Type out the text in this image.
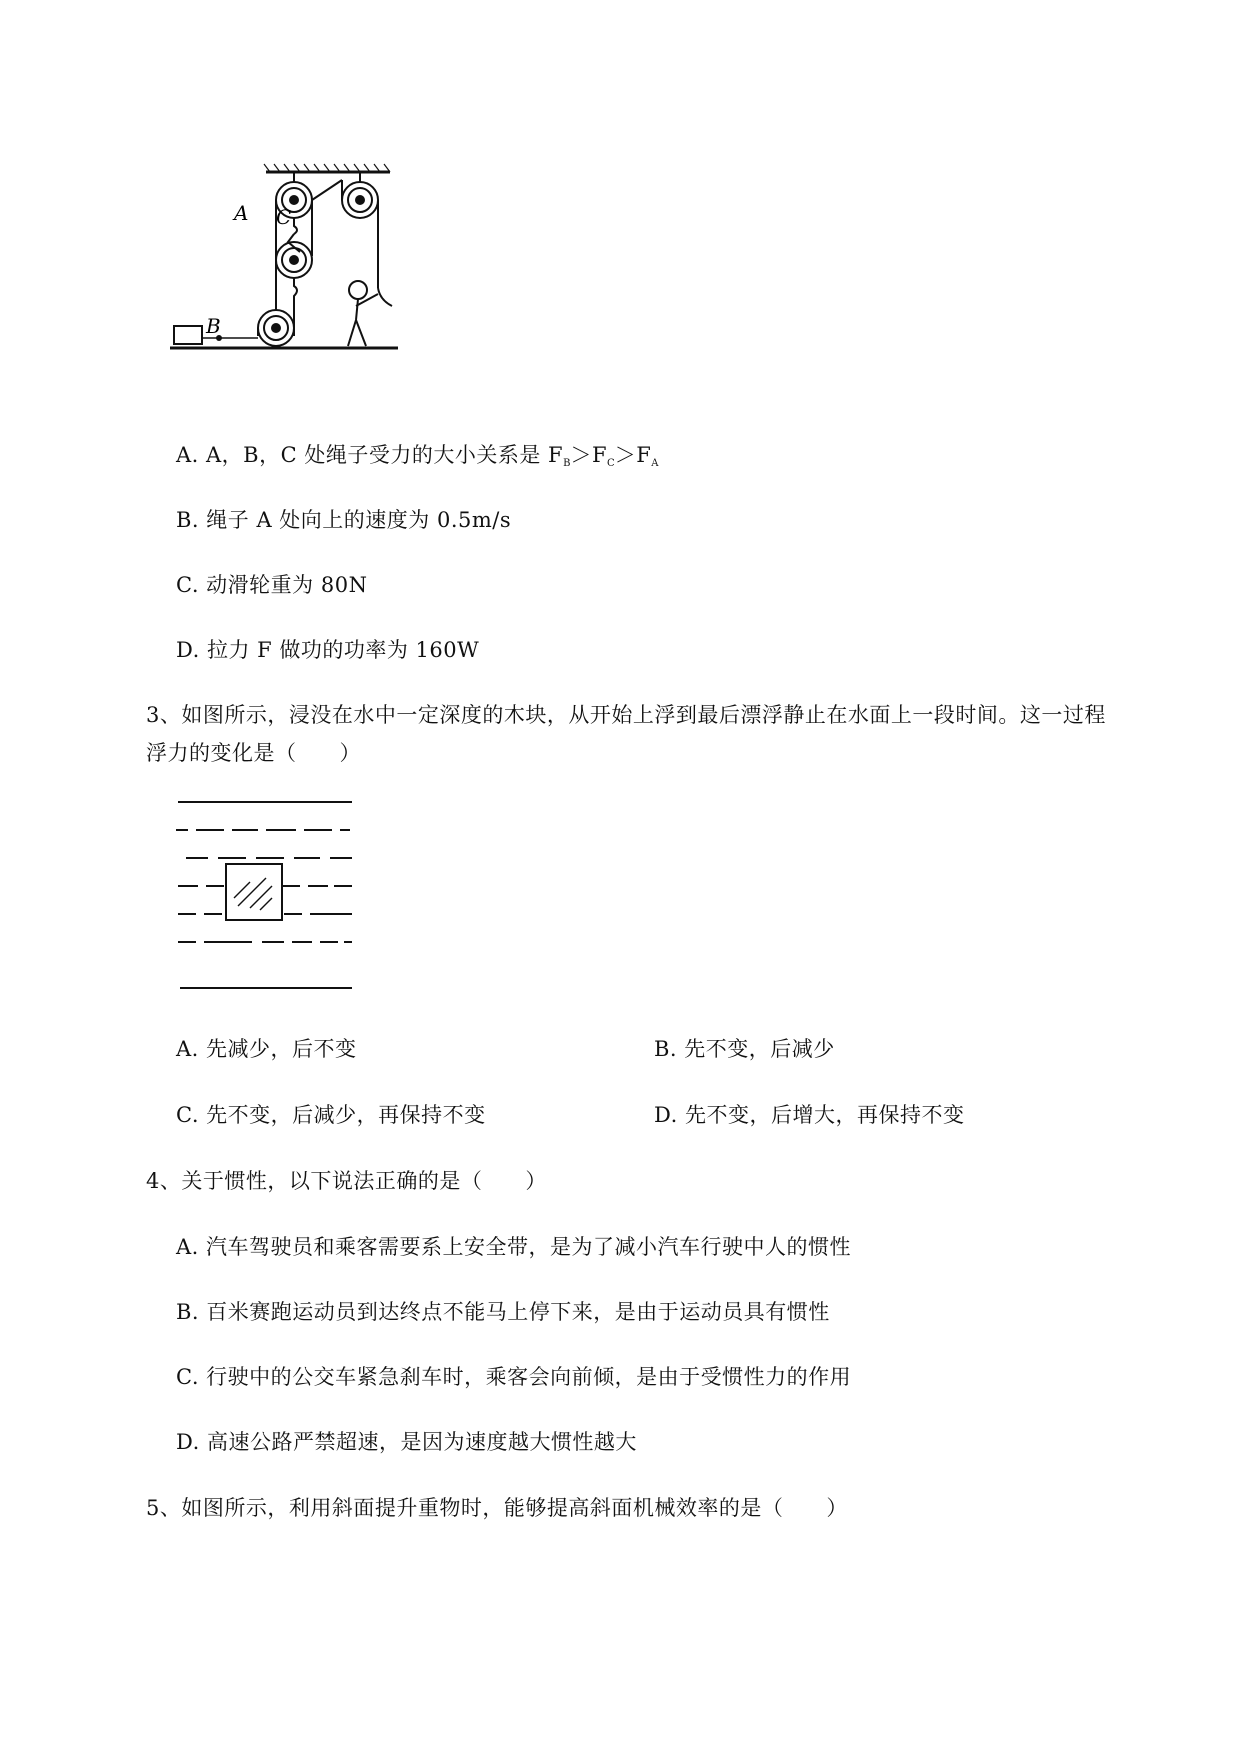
A C
B
A. A，B，C 处绳子受力的大小关系是 $F_B>F_C>F_A$
B. 绳子 A 处向上的速度为 0.5m/s
C. 动滑轮重为 80N
D. 拉力 F 做功的功率为 160W
3、如图所示，浸没在水中一定深度的木块，从开始上浮到最后漂浮静止在水面上一段时间。这一过程
浮力的变化是（　　）
A. 先减少，后不变	B. 先不变，后减少
C. 先不变，后减少，再保持不变	D. 先不变，后增大，再保持不变
4、关于惯性，以下说法正确的是（　　）
A. 汽车驾驶员和乘客需要系上安全带，是为了减小汽车行驶中人的惯性
B. 百米赛跑运动员到达终点不能马上停下来，是由于运动员具有惯性
C. 行驶中的公交车紧急刹车时，乘客会向前倾，是由于受惯性力的作用
D. 高速公路严禁超速，是因为速度越大惯性越大
5、如图所示，利用斜面提升重物时，能够提高斜面机械效率的是（　　）
